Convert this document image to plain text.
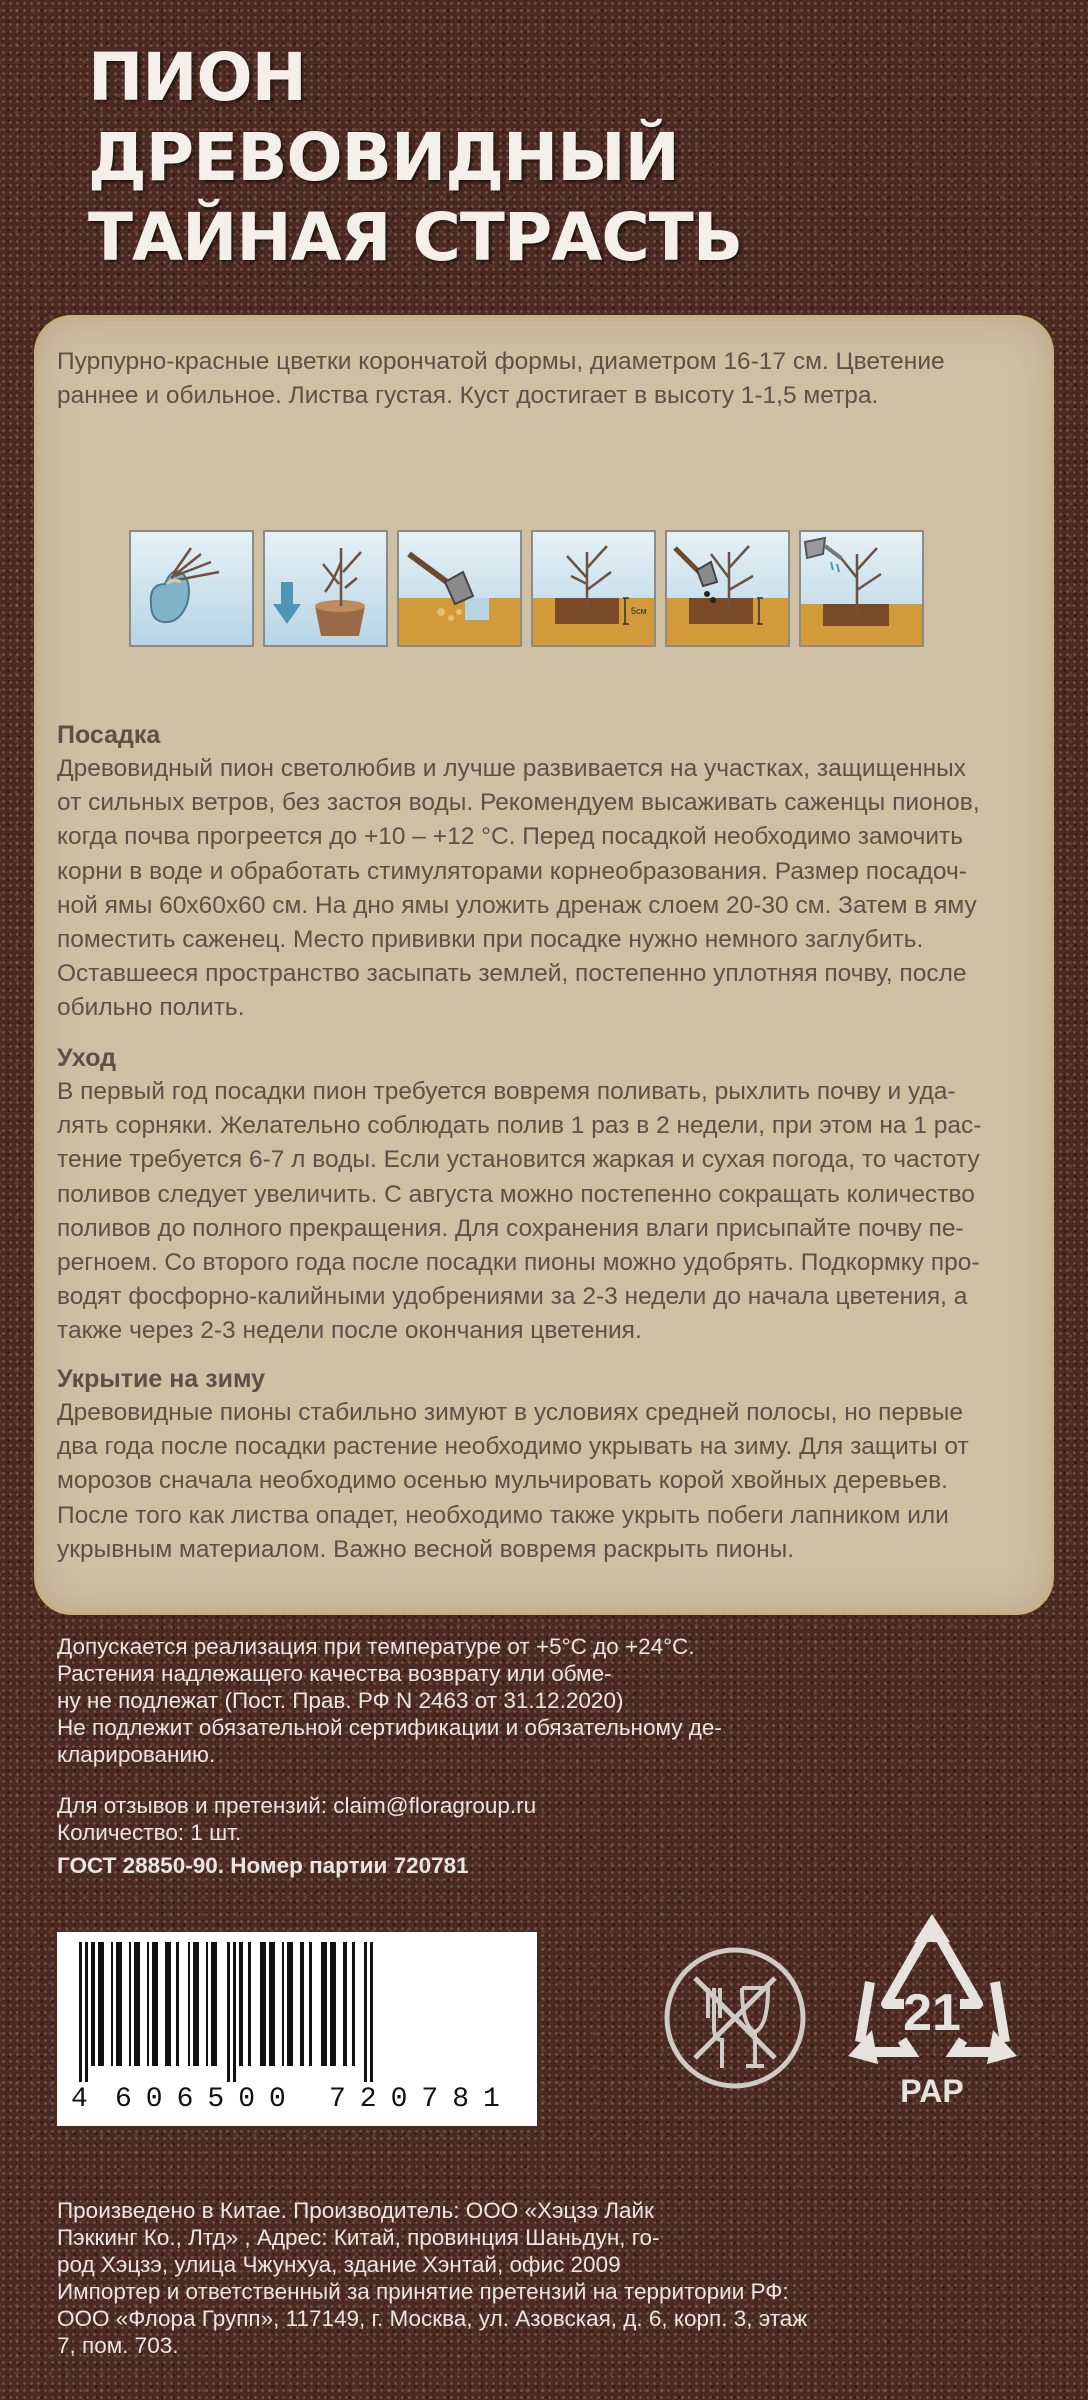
ПИОН
ДРЕВОВИДНЫЙ
ТАЙНАЯ СТРАСТЬ
Пурпурно-красные цветки корончатой формы, диаметром 16-17 см. Цветение
раннее и обильное. Листва густая. Куст достигает в высоту 1-1,5 метра.
5см
Посадка
Древовидный пион светолюбив и лучше развивается на участках, защищенных
от сильных ветров, без застоя воды. Рекомендуем высаживать саженцы пионов,
когда почва прогреется до +10 – +12 °С. Перед посадкой необходимо замочить
корни в воде и обработать стимуляторами корнеобразования. Размер посадоч-
ной ямы 60х60х60 см. На дно ямы уложить дренаж слоем 20-30 см. Затем в яму
поместить саженец. Место прививки при посадке нужно немного заглубить.
Оставшееся пространство засыпать землей, постепенно уплотняя почву, после
обильно полить.
Уход
В первый год посадки пион требуется вовремя поливать, рыхлить почву и уда-
лять сорняки. Желательно соблюдать полив 1 раз в 2 недели, при этом на 1 рас-
тение требуется 6-7 л воды. Если установится жаркая и сухая погода, то частоту
поливов следует увеличить. С августа можно постепенно сокращать количество
поливов до полного прекращения. Для сохранения влаги присыпайте почву пе-
регноем. Со второго года после посадки пионы можно удобрять. Подкормку про-
водят фосфорно-калийными удобрениями за 2-3 недели до начала цветения, а
также через 2-3 недели после окончания цветения.
Укрытие на зиму
Древовидные пионы стабильно зимуют в условиях средней полосы, но первые
два года после посадки растение необходимо укрывать на зиму. Для защиты от
морозов сначала необходимо осенью мульчировать корой хвойных деревьев.
После того как листва опадет, необходимо также укрыть побеги лапником или
укрывным материалом. Важно весной вовремя раскрыть пионы.
Допускается реализация при температуре от +5°С до +24°С.
Растения надлежащего качества возврату или обме-
ну не подлежат (Пост. Прав. РФ N 2463 от 31.12.2020)
Не подлежит обязательной сертификации и обязательному де-
кларированию.
Для отзывов и претензий: claim@floragroup.ru
Количество: 1 шт.
ГОСТ 28850-90. Номер партии 720781
4 606500 720781
21
PAP
Произведено в Китае. Производитель: ООО «Хэцзэ Лайк
Пэккинг Ко., Лтд» , Адрес: Китай, провинция Шаньдун, го-
род Хэцзэ, улица Чжунхуа, здание Хэнтай, офис 2009
Импортер и ответственный за принятие претензий на территории РФ:
ООО «Флора Групп», 117149, г. Москва, ул. Азовская, д. 6, корп. 3, этаж
7, пом. 703.
